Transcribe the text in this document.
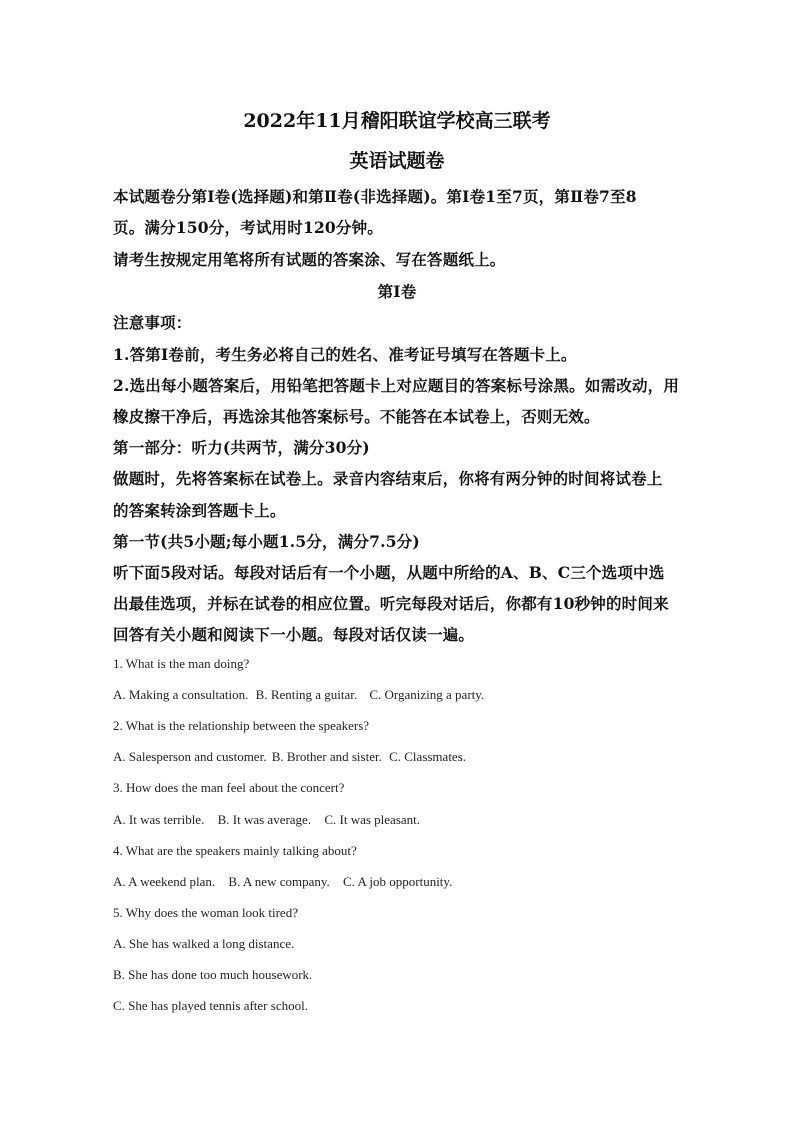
2022年11月稽阳联谊学校高三联考
英语试题卷
本试题卷分第Ⅰ卷(选择题)和第Ⅱ卷(非选择题)。第Ⅰ卷1至7页，第Ⅱ卷7至8
页。满分150分，考试用时120分钟。
请考生按规定用笔将所有试题的答案涂、写在答题纸上。
第I卷
注意事项：
1.答第I卷前，考生务必将自己的姓名、准考证号填写在答题卡上。
2.选出每小题答案后，用铅笔把答题卡上对应题目的答案标号涂黑。如需改动，用
橡皮擦干净后，再选涂其他答案标号。不能答在本试卷上，否则无效。
第一部分：听力(共两节，满分30分)
做题时，先将答案标在试卷上。录音内容结束后，你将有两分钟的时间将试卷上
的答案转涂到答题卡上。
第一节(共5小题;每小题1.5分，满分7.5分)
听下面5段对话。每段对话后有一个小题，从题中所给的A、B、C三个选项中选
出最佳选项，并标在试卷的相应位置。听完每段对话后，你都有10秒钟的时间来
回答有关小题和阅读下一小题。每段对话仅读一遍。
1. What is the man doing?
A. Making a consultation. B. Renting a guitar. C. Organizing a party.
2. What is the relationship between the speakers?
A. Salesperson and customer. B. Brother and sister. C. Classmates.
3. How does the man feel about the concert?
A. It was terrible. B. It was average. C. It was pleasant.
4. What are the speakers mainly talking about?
A. A weekend plan. B. A new company. C. A job opportunity.
5. Why does the woman look tired?
A. She has walked a long distance.
B. She has done too much housework.
C. She has played tennis after school.
